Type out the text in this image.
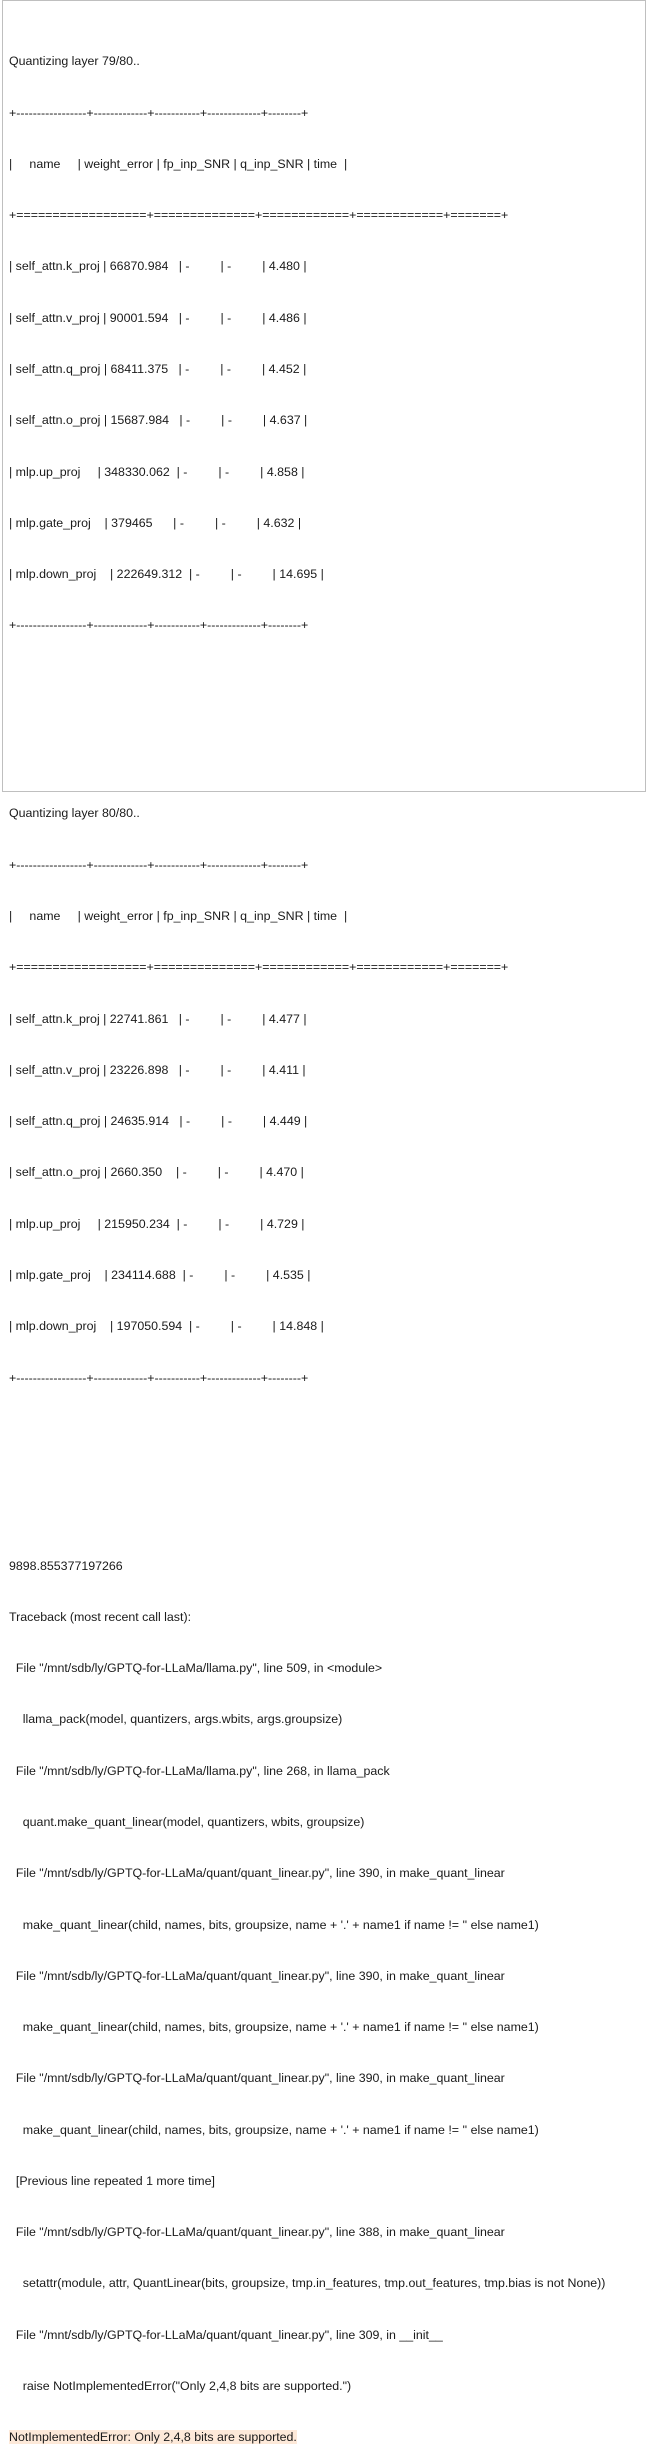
Quantizing layer 79/80..

+-----------------+-------------+-----------+-------------+--------+

|     name     | weight_error | fp_inp_SNR | q_inp_SNR | time  |

+==================+==============+============+============+=======+

| self_attn.k_proj | 66870.984   | -         | -         | 4.480 |

| self_attn.v_proj | 90001.594   | -         | -         | 4.486 |

| self_attn.q_proj | 68411.375   | -         | -         | 4.452 |

| self_attn.o_proj | 15687.984   | -         | -         | 4.637 |

| mlp.up_proj     | 348330.062  | -         | -         | 4.858 |

| mlp.gate_proj    | 379465      | -         | -         | 4.632 |

| mlp.down_proj    | 222649.312  | -         | -         | 14.695 |

+-----------------+-------------+-----------+-------------+--------+

Quantizing layer 80/80..

+-----------------+-------------+-----------+-------------+--------+

|     name     | weight_error | fp_inp_SNR | q_inp_SNR | time  |

+==================+==============+============+============+=======+

| self_attn.k_proj | 22741.861   | -         | -         | 4.477 |

| self_attn.v_proj | 23226.898   | -         | -         | 4.411 |

| self_attn.q_proj | 24635.914   | -         | -         | 4.449 |

| self_attn.o_proj | 2660.350    | -         | -         | 4.470 |

| mlp.up_proj     | 215950.234  | -         | -         | 4.729 |

| mlp.gate_proj    | 234114.688  | -         | -         | 4.535 |

| mlp.down_proj    | 197050.594  | -         | -         | 14.848 |

+-----------------+-------------+-----------+-------------+--------+

9898.855377197266

Traceback (most recent call last):

File "/mnt/sdb/ly/GPTQ-for-LLaMa/llama.py", line 509, in <module>

llama_pack(model, quantizers, args.wbits, args.groupsize)

File "/mnt/sdb/ly/GPTQ-for-LLaMa/llama.py", line 268, in llama_pack

quant.make_quant_linear(model, quantizers, wbits, groupsize)

File "/mnt/sdb/ly/GPTQ-for-LLaMa/quant/quant_linear.py", line 390, in make_quant_linear

make_quant_linear(child, names, bits, groupsize, name + '.' + name1 if name != '' else name1)

File "/mnt/sdb/ly/GPTQ-for-LLaMa/quant/quant_linear.py", line 390, in make_quant_linear

make_quant_linear(child, names, bits, groupsize, name + '.' + name1 if name != '' else name1)

File "/mnt/sdb/ly/GPTQ-for-LLaMa/quant/quant_linear.py", line 390, in make_quant_linear

make_quant_linear(child, names, bits, groupsize, name + '.' + name1 if name != '' else name1)

[Previous line repeated 1 more time]

File "/mnt/sdb/ly/GPTQ-for-LLaMa/quant/quant_linear.py", line 388, in make_quant_linear

setattr(module, attr, QuantLinear(bits, groupsize, tmp.in_features, tmp.out_features, tmp.bias is not None))

File "/mnt/sdb/ly/GPTQ-for-LLaMa/quant/quant_linear.py", line 309, in __init__

raise NotImplementedError("Only 2,4,8 bits are supported.")

NotImplementedError: Only 2,4,8 bits are supported.
